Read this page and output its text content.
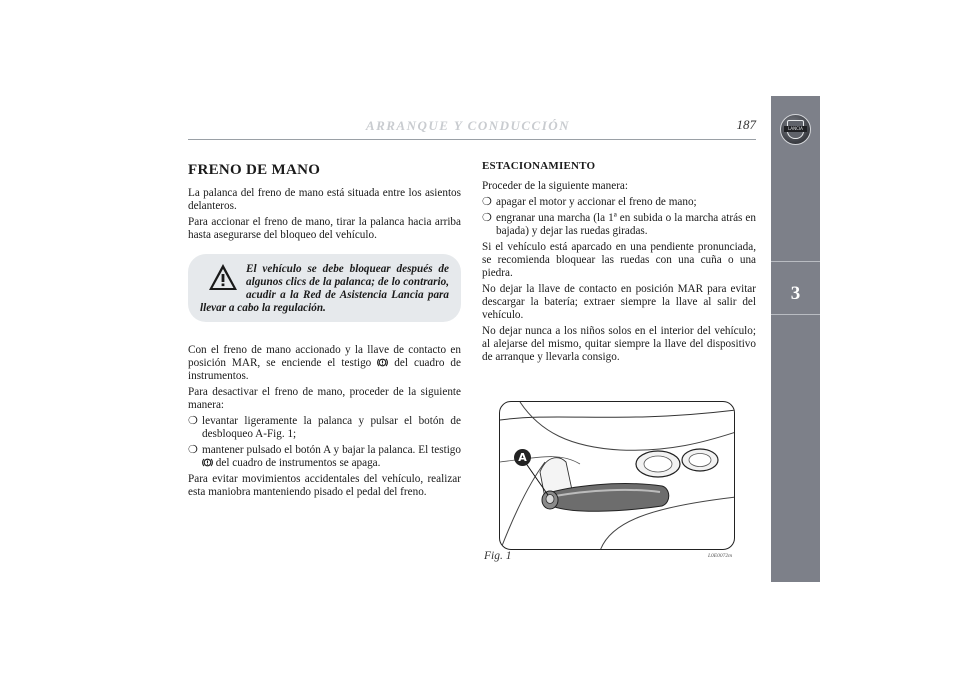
ARRANQUE Y CONDUCCIÓN	187	LANCIA
3
FRENO DE MANO

La palanca del freno de mano está situada entre los asientos delanteros.

Para accionar el freno de mano, tirar la palanca hacia arriba hasta asegurarse del bloqueo del vehículo.

El vehículo se debe bloquear después de algunos clics de la palanca; de lo contrario, acudir a la Red de Asistencia Lancia para llevar a cabo la regulación.

Con el freno de mano accionado y la llave de contacto en posición MAR, se enciende el testigo del cuadro de instrumentos.

Para desactivar el freno de mano, proceder de la siguiente manera:

❍ levantar ligeramente la palanca y pulsar el botón de desbloqueo A-Fig. 1;
❍ mantener pulsado el botón A y bajar la palanca. El testigo  del cuadro de instrumentos se apaga.

Para evitar movimientos accidentales del vehículo, realizar esta maniobra manteniendo pisado el pedal del freno.

ESTACIONAMIENTO

Proceder de la siguiente manera:

❍ apagar el motor y accionar el freno de mano;
❍ engranar una marcha (la 1ª en subida o la marcha atrás en bajada) y dejar las ruedas giradas.

Si el vehículo está aparcado en una pendiente pronunciada, se recomienda bloquear las ruedas con una cuña o una piedra.

No dejar la llave de contacto en posición MAR para evitar descargar la batería; extraer siempre la llave al salir del vehículo.

No dejar nunca a los niños solos en el interior del vehículo; al alejarse del mismo, quitar siempre la llave del dispositivo de arranque y llevarla consigo.

A
Fig. 1	L0E0072m
